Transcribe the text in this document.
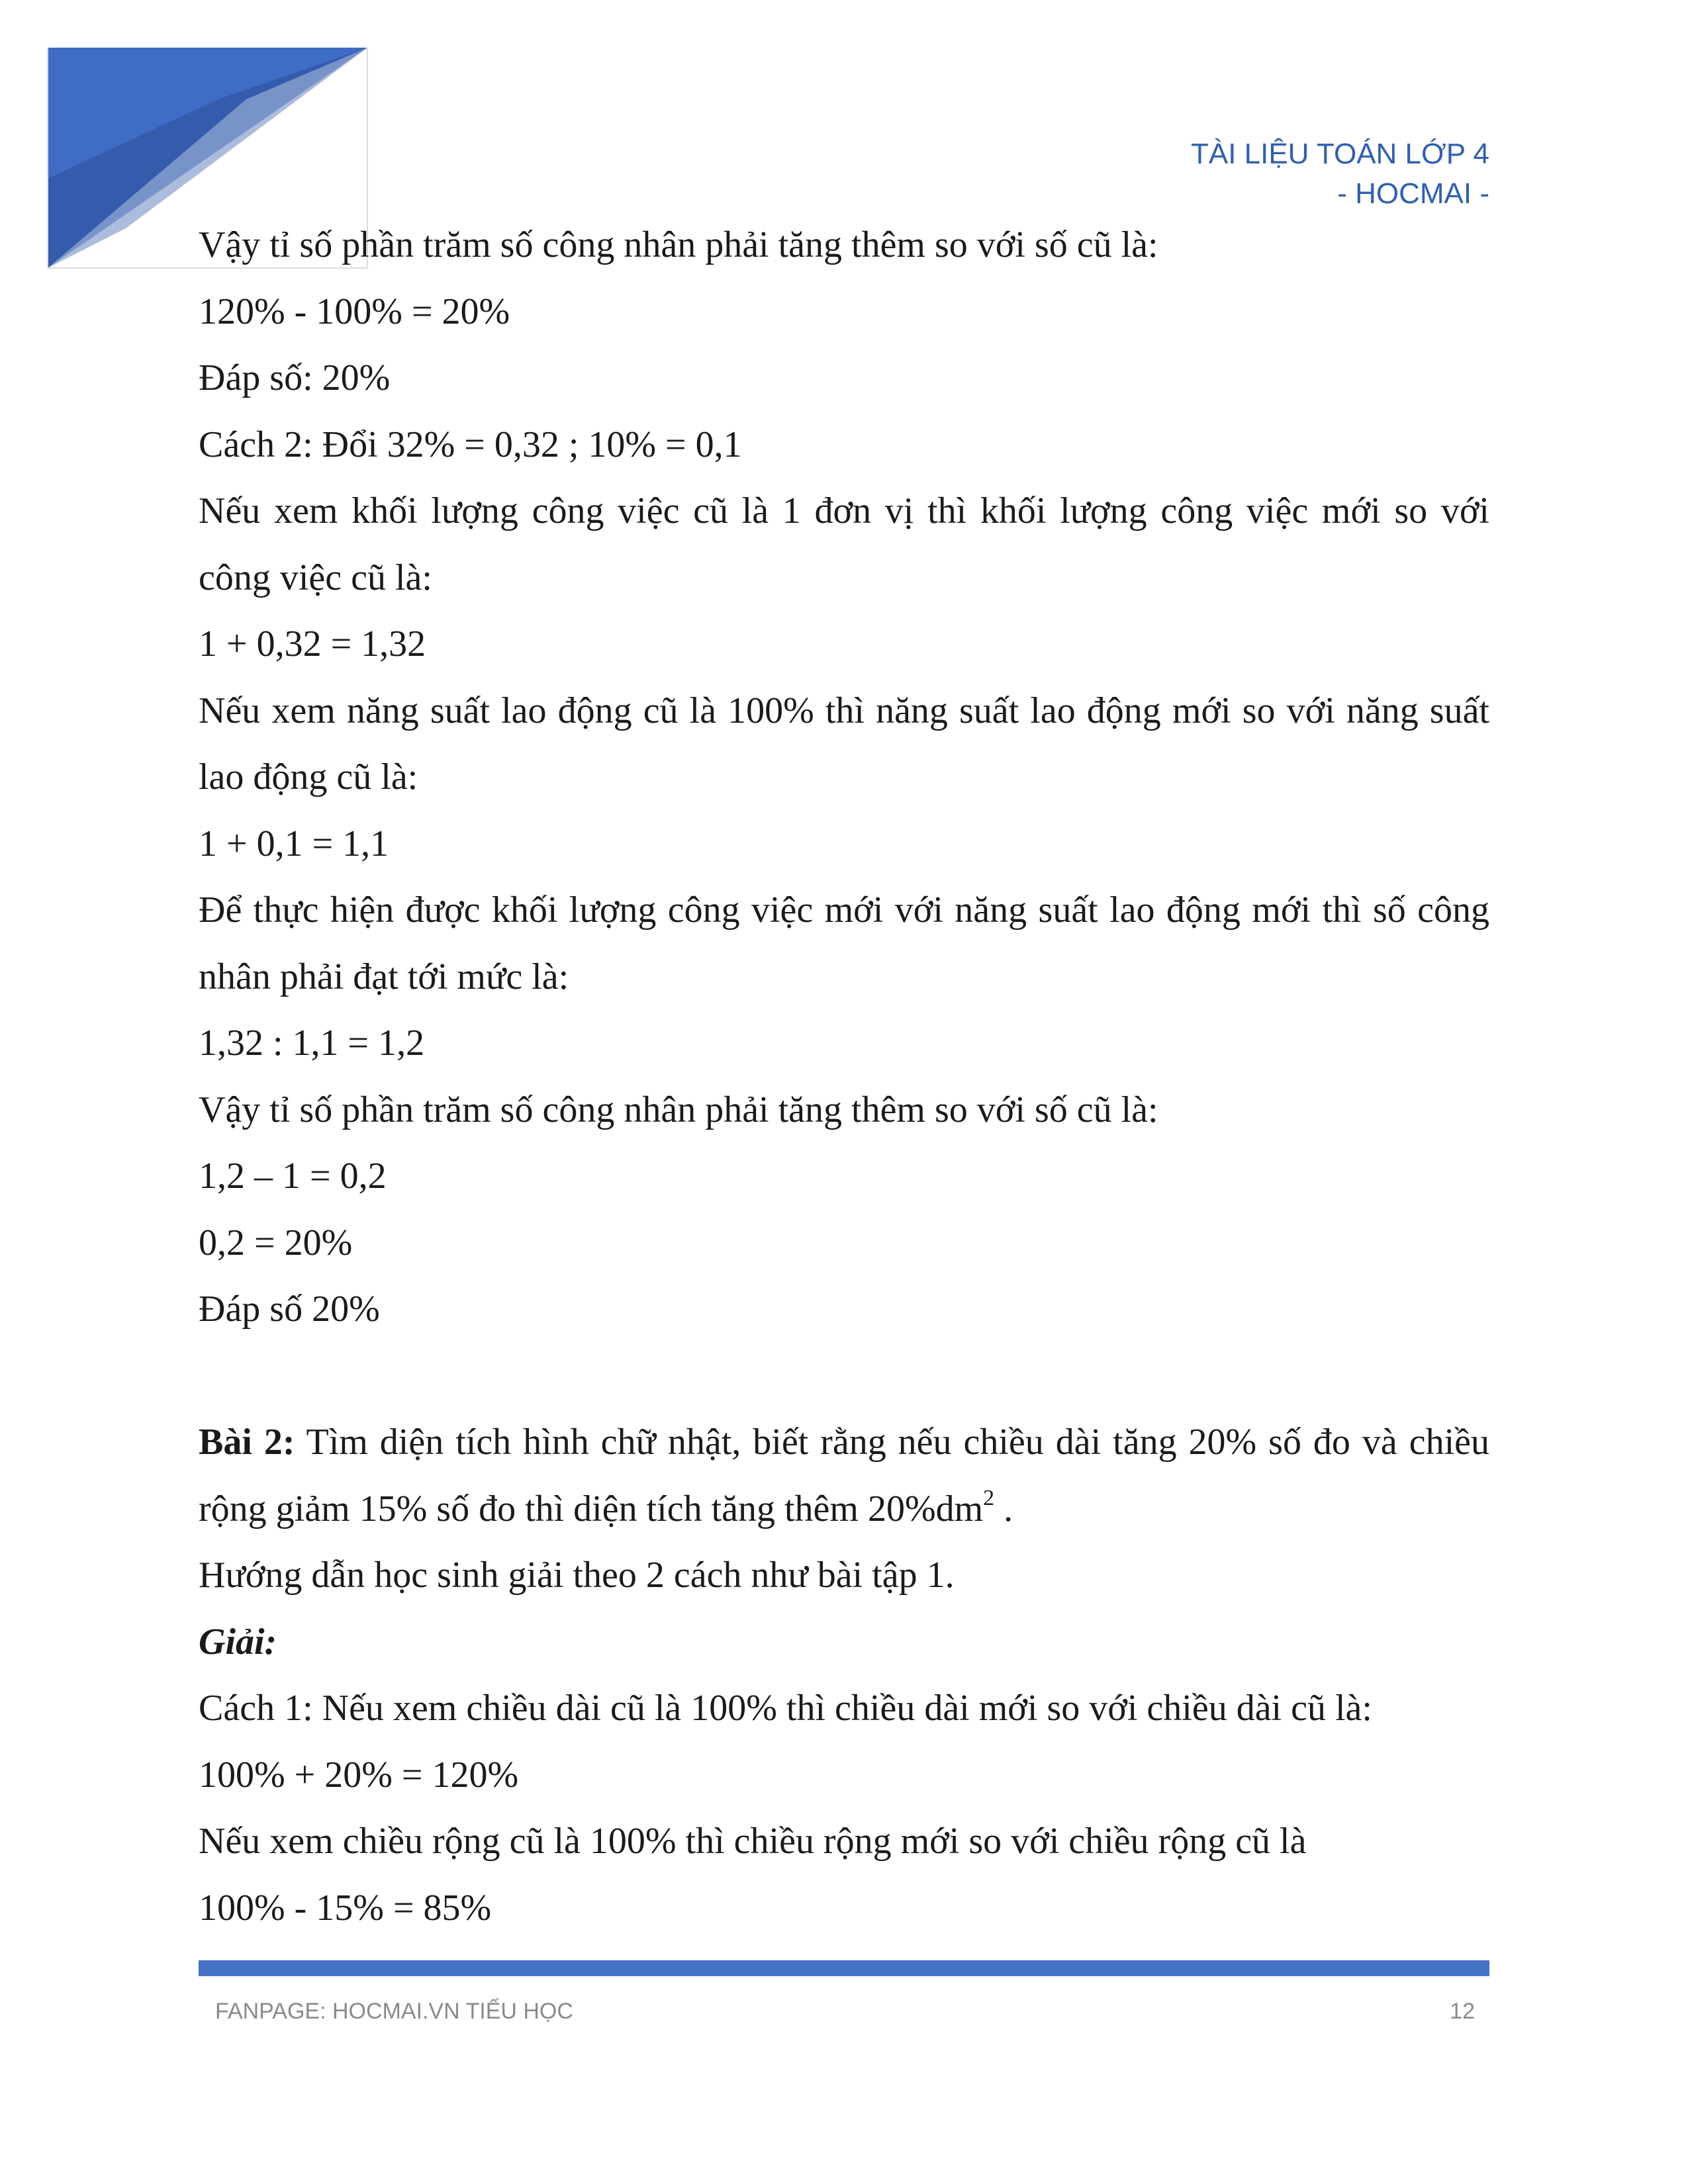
TÀI LIỆU TOÁN LỚP 4
- HOCMAI -
Vậy tỉ số phần trăm số công nhân phải tăng thêm so với số cũ là:
120% - 100% = 20%
Đáp số: 20%
Cách 2: Đổi 32% = 0,32 ; 10% = 0,1
Nếu xem khối lượng công việc cũ là 1 đơn vị thì khối lượng công việc mới so với
công việc cũ là:
1 + 0,32 = 1,32
Nếu xem năng suất lao động cũ là 100% thì năng suất lao động mới so với năng suất
lao động cũ là:
1 + 0,1 = 1,1
Để thực hiện được khối lượng công việc mới với năng suất lao động mới thì số công
nhân phải đạt tới mức là:
1,32 : 1,1 = 1,2
Vậy tỉ số phần trăm số công nhân phải tăng thêm so với số cũ là:
1,2 – 1 = 0,2
0,2 = 20%
Đáp số 20%
Bài 2: Tìm diện tích hình chữ nhật, biết rằng nếu chiều dài tăng 20% số đo và chiều
rộng giảm 15% số đo thì diện tích tăng thêm $20\%dm^2$ .
Hướng dẫn học sinh giải theo 2 cách như bài tập 1.
Giải:
Cách 1: Nếu xem chiều dài cũ là 100% thì chiều dài mới so với chiều dài cũ là:
100% + 20% = 120%
Nếu xem chiều rộng cũ là 100% thì chiều rộng mới so với chiều rộng cũ là
100% - 15% = 85%
FANPAGE: HOCMAI.VN TIỂU HỌC	12
